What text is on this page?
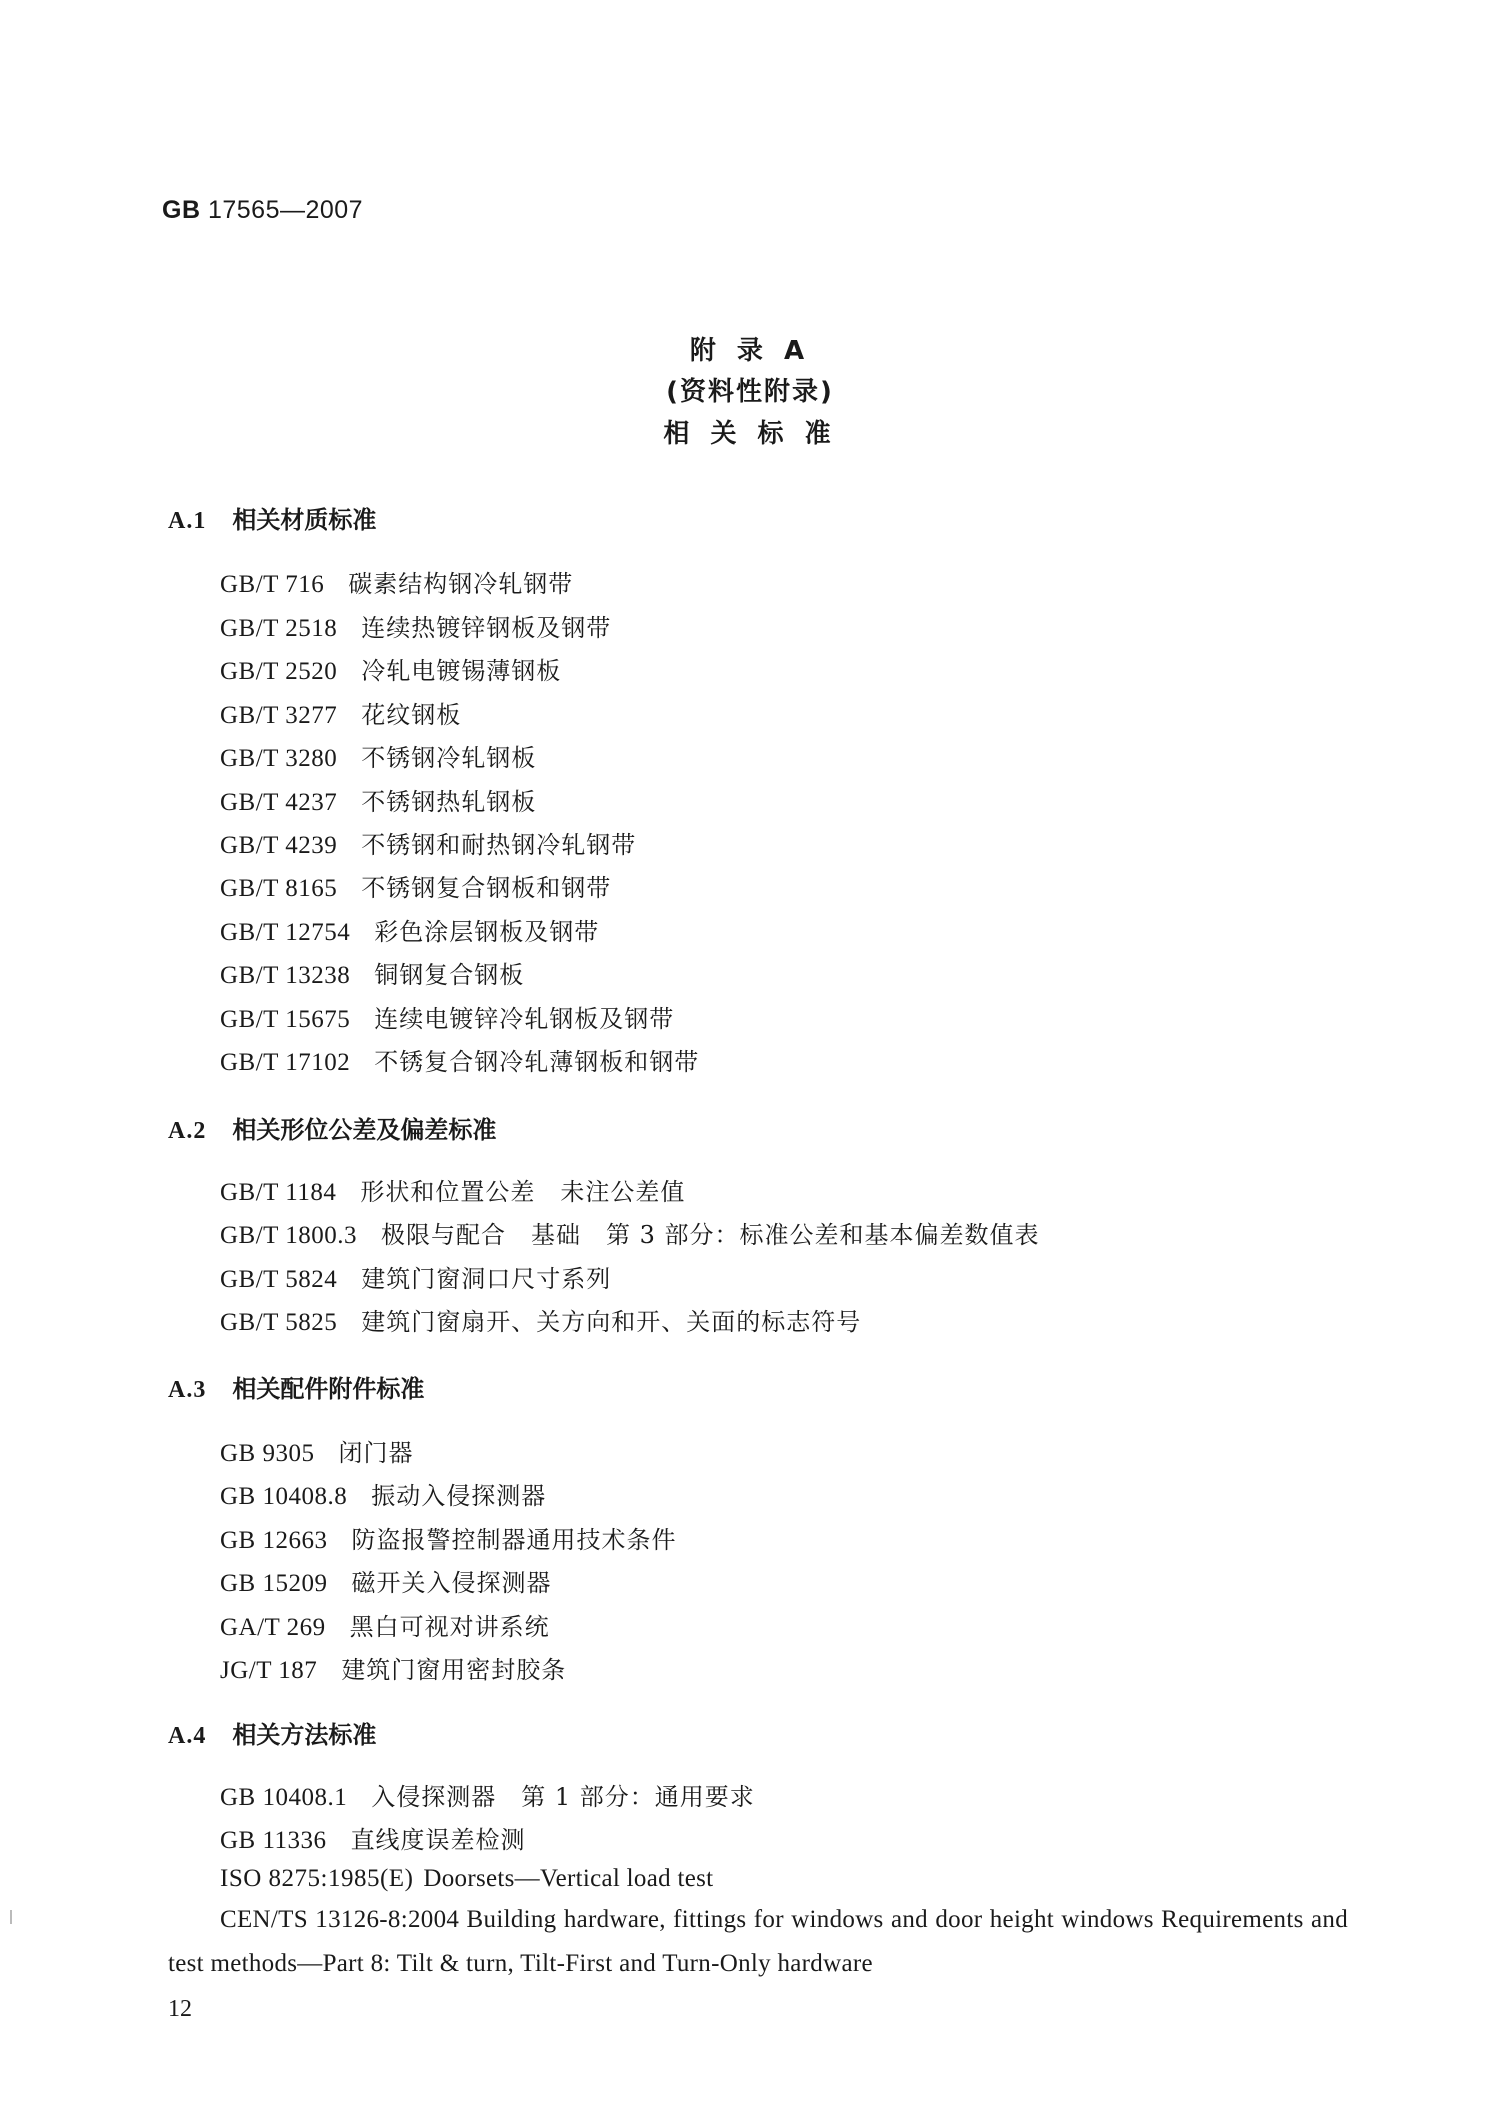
GB 17565—2007
附 录 A
(资料性附录)
相 关 标 准
A.1 相关材质标准
GB/T 716 碳素结构钢冷轧钢带
GB/T 2518 连续热镀锌钢板及钢带
GB/T 2520 冷轧电镀锡薄钢板
GB/T 3277 花纹钢板
GB/T 3280 不锈钢冷轧钢板
GB/T 4237 不锈钢热轧钢板
GB/T 4239 不锈钢和耐热钢冷轧钢带
GB/T 8165 不锈钢复合钢板和钢带
GB/T 12754 彩色涂层钢板及钢带
GB/T 13238 铜钢复合钢板
GB/T 15675 连续电镀锌冷轧钢板及钢带
GB/T 17102 不锈复合钢冷轧薄钢板和钢带
A.2 相关形位公差及偏差标准
GB/T 1184 形状和位置公差　未注公差值
GB/T 1800.3 极限与配合　基础　第 3 部分：标准公差和基本偏差数值表
GB/T 5824 建筑门窗洞口尺寸系列
GB/T 5825 建筑门窗扇开、关方向和开、关面的标志符号
A.3 相关配件附件标准
GB 9305 闭门器
GB 10408.8 振动入侵探测器
GB 12663 防盗报警控制器通用技术条件
GB 15209 磁开关入侵探测器
GA/T 269 黑白可视对讲系统
JG/T 187 建筑门窗用密封胶条
A.4 相关方法标准
GB 10408.1 入侵探测器　第 1 部分：通用要求
GB 11336 直线度误差检测
ISO 8275:1985(E) Doorsets—Vertical load test
CEN/TS 13126-8:2004 Building hardware, fittings for windows and door height windows Requirements and test methods—Part 8: Tilt & turn, Tilt-First and Turn-Only hardware
12
